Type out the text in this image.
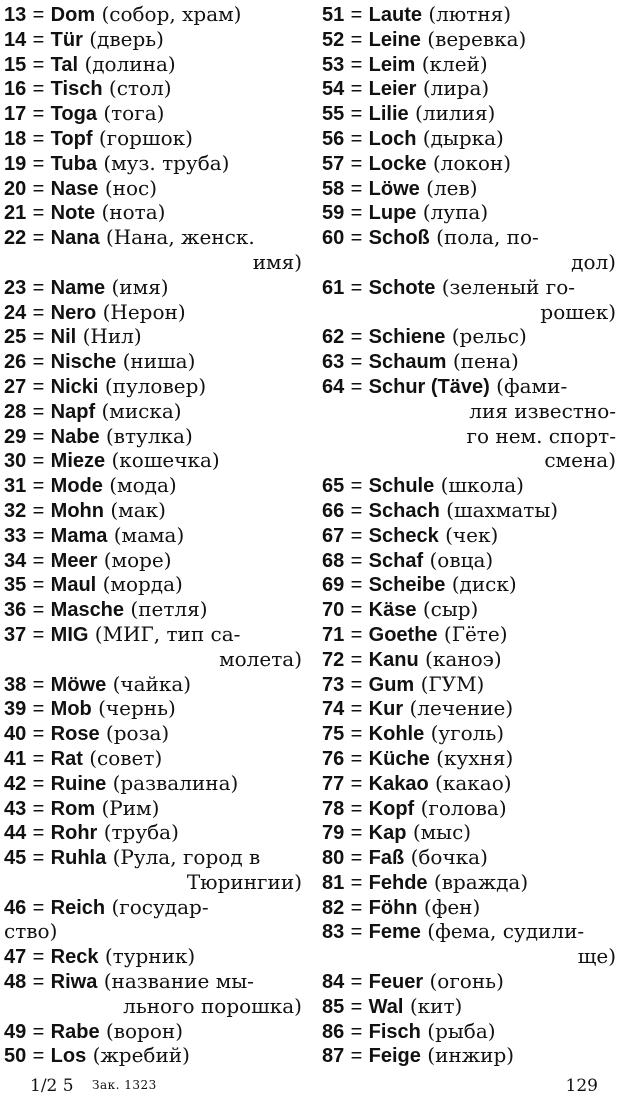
13 = Dom (собор, храм)
14 = Tür (дверь)
15 = Tal (долина)
16 = Tisch (стол)
17 = Toga (тога)
18 = Topf (горшок)
19 = Tuba (муз. труба)
20 = Nase (нос)
21 = Note (нота)
22 = Nana (Нана, женск.
имя)
23 = Name (имя)
24 = Nero (Нерон)
25 = Nil (Нил)
26 = Nische (ниша)
27 = Nicki (пуловер)
28 = Napf (миска)
29 = Nabe (втулка)
30 = Mieze (кошечка)
31 = Mode (мода)
32 = Mohn (мак)
33 = Mama (мама)
34 = Meer (море)
35 = Maul (морда)
36 = Masche (петля)
37 = MIG (МИГ, тип са-
молета)
38 = Möwe (чайка)
39 = Mob (чернь)
40 = Rose (роза)
41 = Rat (совет)
42 = Ruine (развалина)
43 = Rom (Рим)
44 = Rohr (труба)
45 = Ruhla (Рула, город в
Тюрингии)
46 = Reich (государ-
ство)
47 = Reck (турник)
48 = Riwa (название мы-
льного порошка)
49 = Rabe (ворон)
50 = Los (жребий)
51 = Laute (лютня)
52 = Leine (веревка)
53 = Leim (клей)
54 = Leier (лира)
55 = Lilie (лилия)
56 = Loch (дырка)
57 = Locke (локон)
58 = Löwe (лев)
59 = Lupe (лупа)
60 = Schoß (пола, по-
дол)
61 = Schote (зеленый го-
рошек)
62 = Schiene (рельс)
63 = Schaum (пена)
64 = Schur (Täve) (фами-
лия известно-
го нем. спорт-
смена)
65 = Schule (школа)
66 = Schach (шахматы)
67 = Scheck (чек)
68 = Schaf (овца)
69 = Scheibe (диск)
70 = Käse (сыр)
71 = Goethe (Гёте)
72 = Kanu (каноэ)
73 = Gum (ГУМ)
74 = Kur (лечение)
75 = Kohle (уголь)
76 = Küche (кухня)
77 = Kakao (какао)
78 = Kopf (голова)
79 = Kap (мыс)
80 = Faß (бочка)
81 = Fehde (вражда)
82 = Föhn (фен)
83 = Feme (фема, судили-
ще)
84 = Feuer (огонь)
85 = Wal (кит)
86 = Fisch (рыба)
87 = Feige (инжир)
1/2 5 Зак. 1323	129
